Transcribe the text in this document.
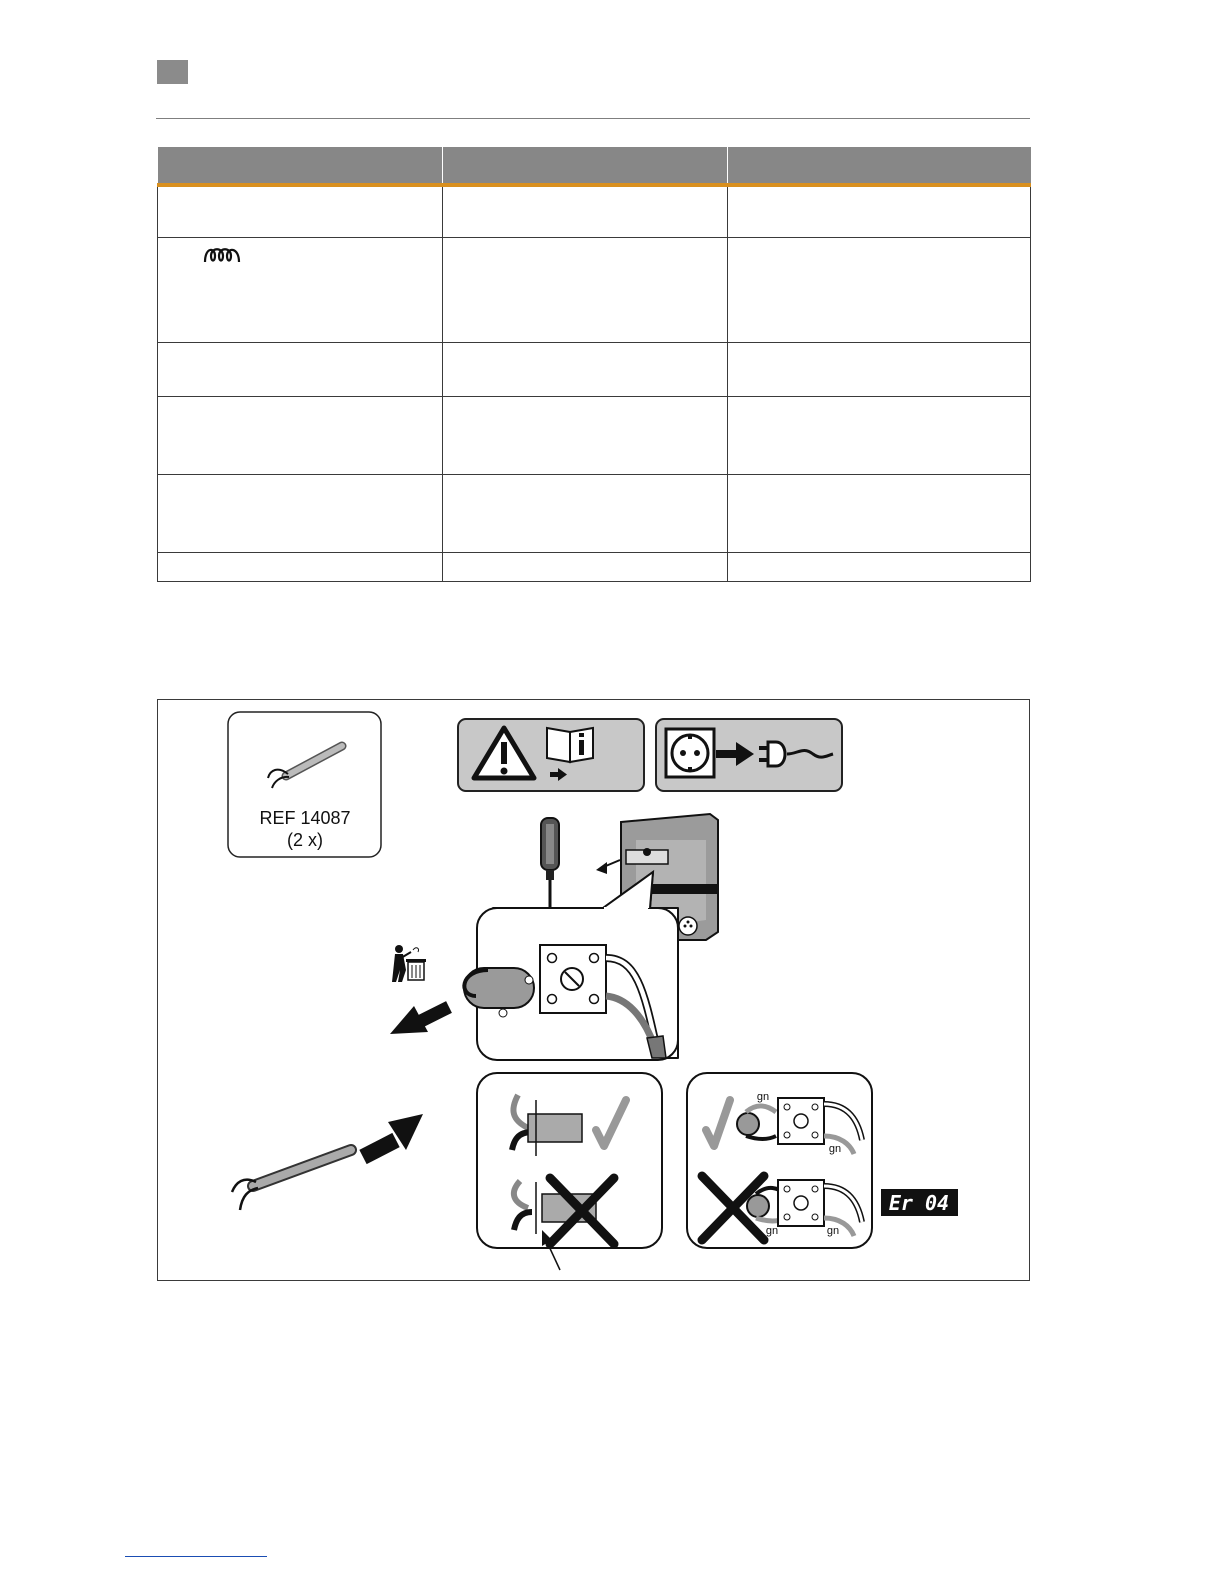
REF 14087
(2 x)
gn
gn
gn	gn
Er 04
